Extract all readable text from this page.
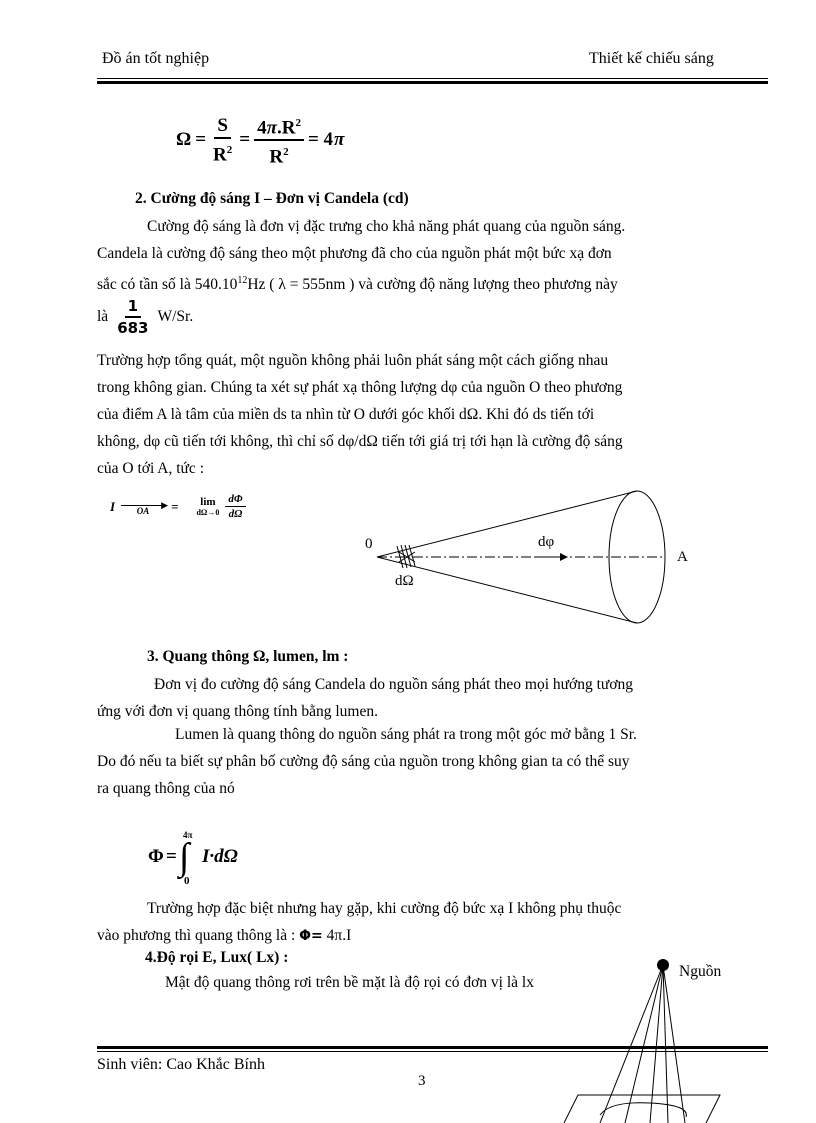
Đồ án tốt nghiệp	Thiết kế chiếu sáng
$\Omega = \frac{S}{R^2} = \frac{4\pi.R^2}{R^2} = 4$ π
2. Cường độ sáng I – Đơn vị Candela (cd)
Cường độ sáng là đơn vị đặc trưng cho khả năng phát quang của nguồn sáng.
Candela là cường độ sáng theo một phương đã cho của nguồn phát một bức xạ đơn
sắc có tần số là 540.10$^{12}$Hz ( λ = 555nm ) và cường độ năng lượng theo phương này
là $\frac{1}{683} W/Sr$.
Trường hợp tổng quát, một nguồn không phải luôn phát sáng một cách giống nhau
trong không gian. Chúng ta xét sự phát xạ thông lượng dφ của nguồn O theo phương
của điểm A là tâm của miền ds ta nhìn từ O dưới góc khối dΩ. Khi đó ds tiến tới
không, dφ cũ tiến tới không, thì chỉ số dφ/dΩ tiến tới giá trị tới hạn là cường độ sáng
của O tới A, tức :
I	▶
OA = lim
$d\Omega\to 0 \frac{d\Phi}{d\Omega}$
0	dφ
A
dΩ
3. Quang thông Ω, lumen, lm :
Đơn vị đo cường độ sáng Candela do nguồn sáng phát theo mọi hướng tương
ứng với đơn vị quang thông tính bằng lumen.
Lumen là quang thông do nguồn sáng phát ra trong một góc mở bằng 1 Sr.
Do đó nếu ta biết sự phân bố cường độ sáng của nguồn trong không gian ta có thể suy
ra quang thông của nó
Φ =
4π
∫
0
I·dΩ
Trường hợp đặc biệt nhưng hay gặp, khi cường độ bức xạ I không phụ thuộc
vào phương thì quang thông là : Φ= 4π.I
4.Độ rọi E, Lux( Lx) :
Mật độ quang thông rơi trên bề mặt là độ rọi có đơn vị là lx
Nguồn
Sinh viên: Cao Khắc Bính
3
